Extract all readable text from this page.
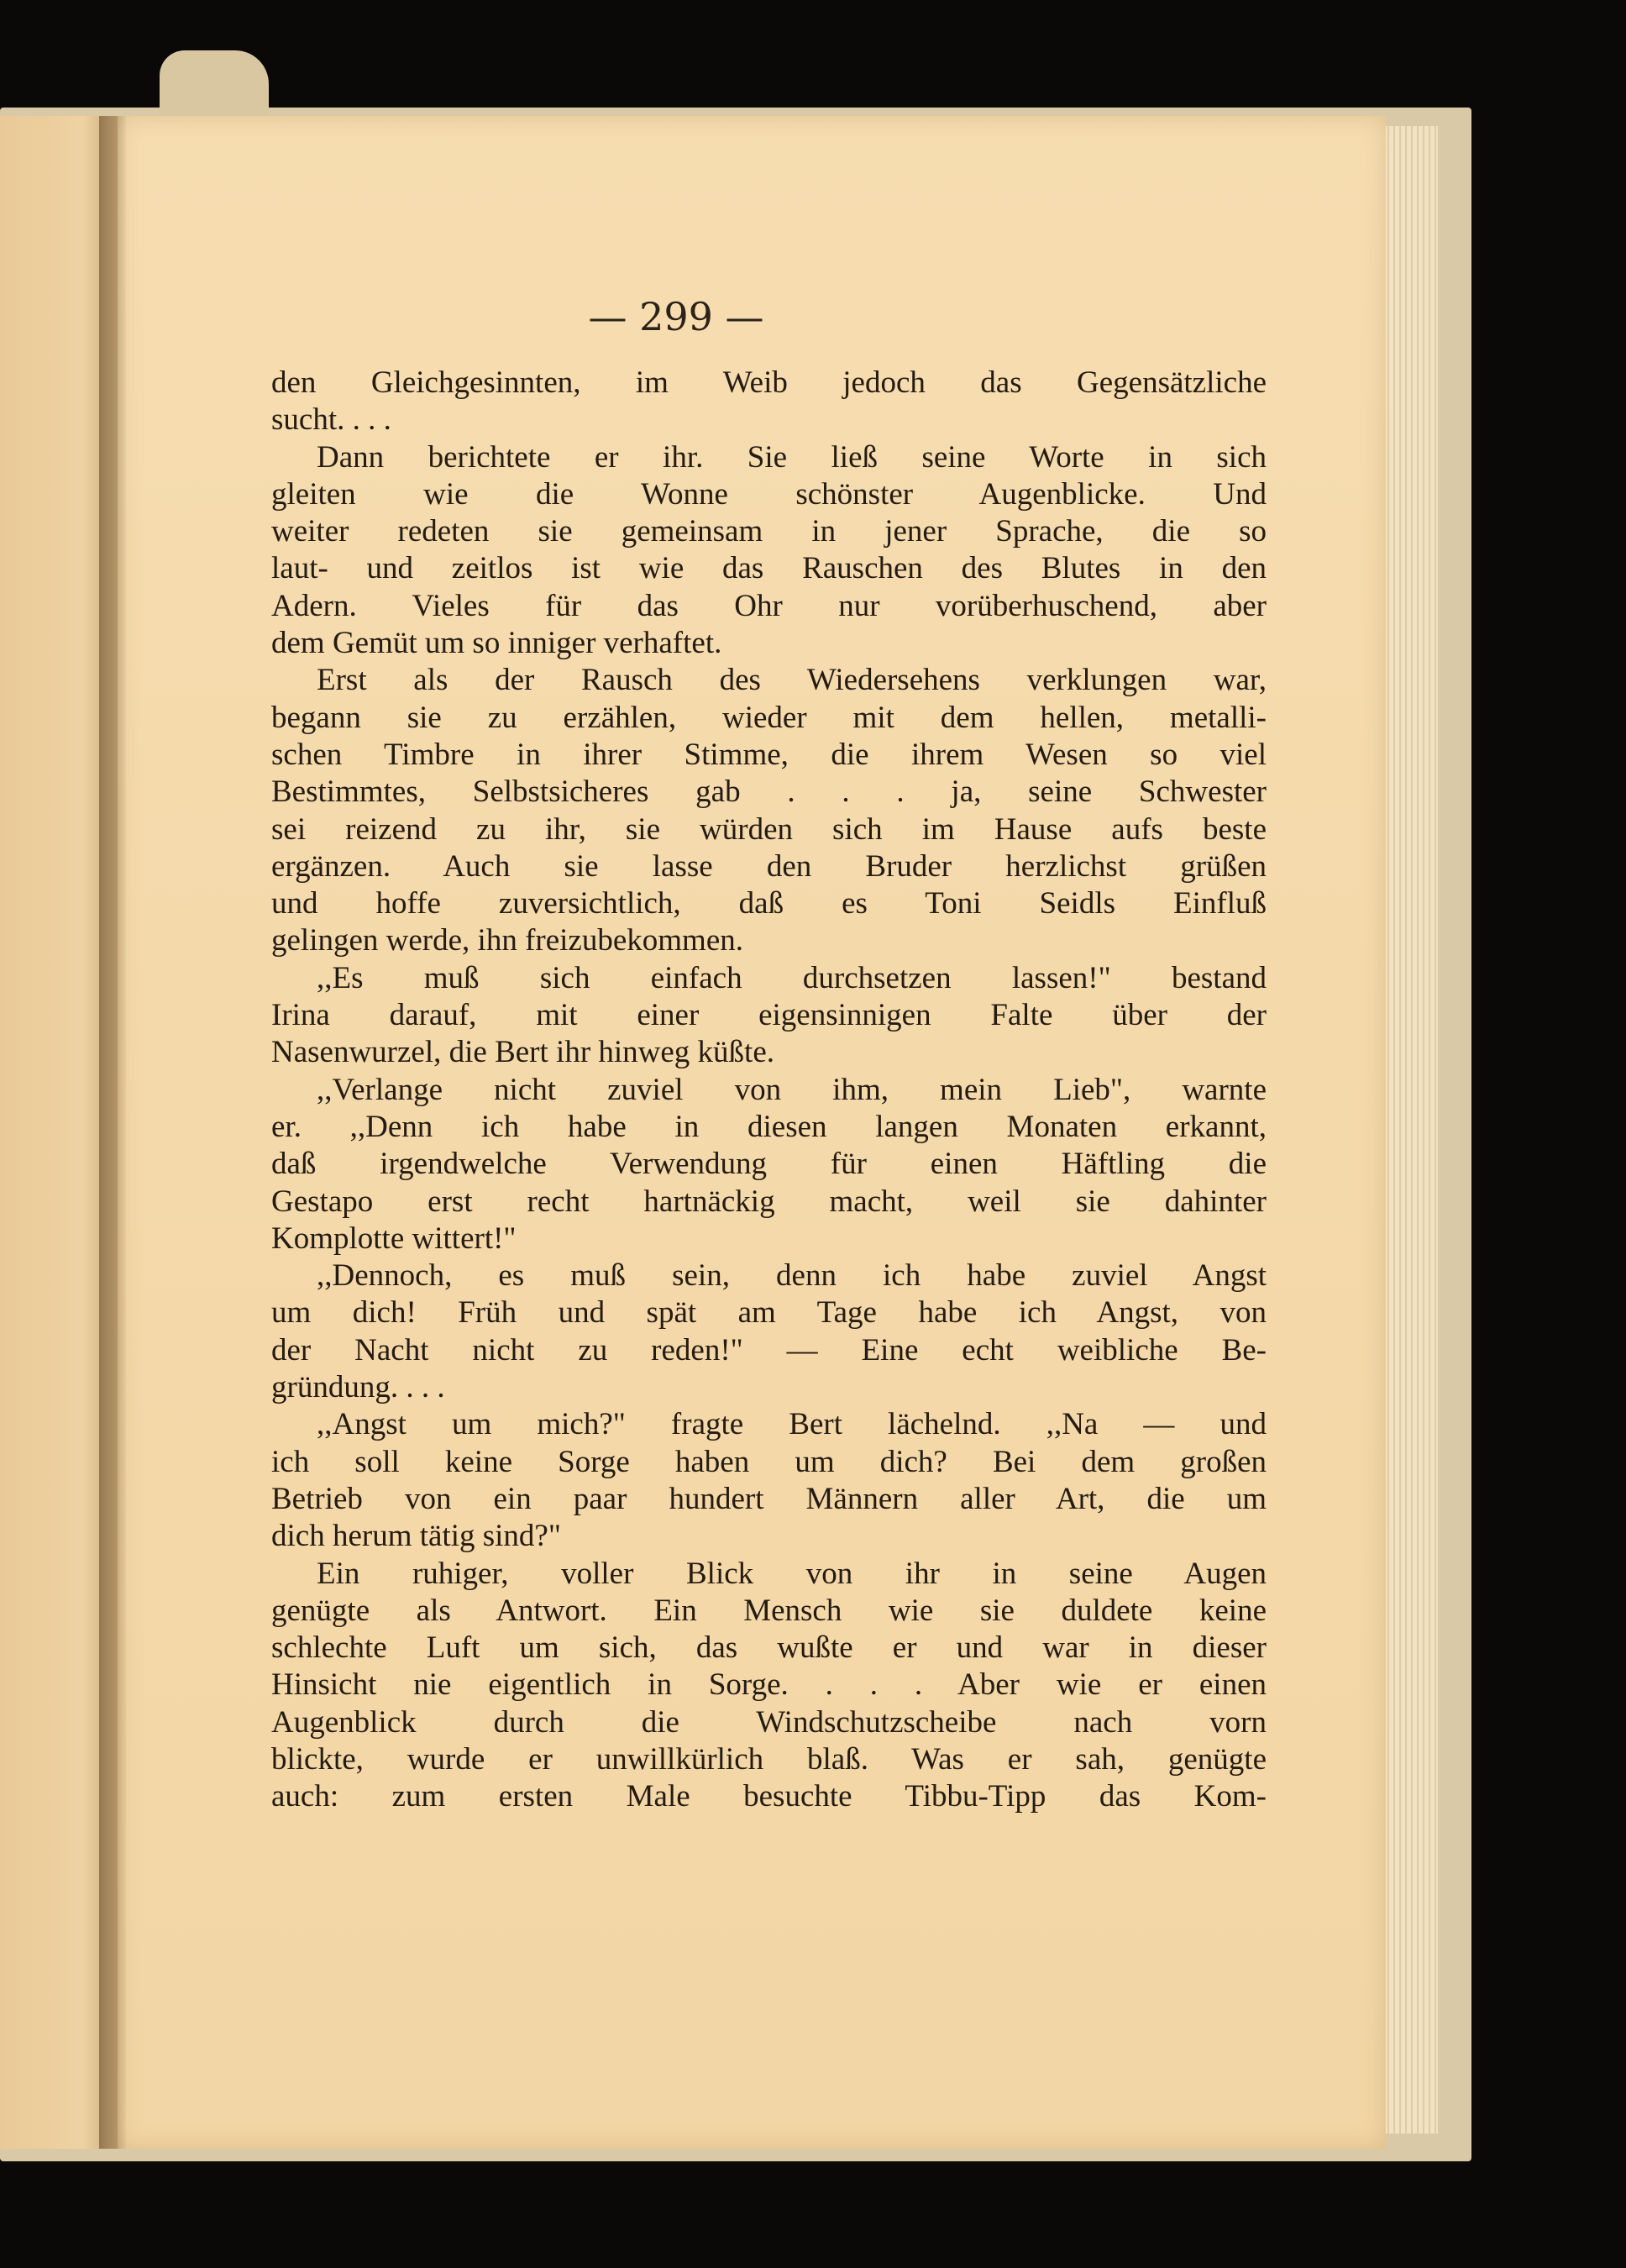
— 299 —
den Gleichgesinnten, im Weib jedoch das Gegensätzliche
sucht. . . .
Dann berichtete er ihr. Sie ließ seine Worte in sich
gleiten wie die Wonne schönster Augenblicke. Und
weiter redeten sie gemeinsam in jener Sprache, die so
laut- und zeitlos ist wie das Rauschen des Blutes in den
Adern. Vieles für das Ohr nur vorüberhuschend, aber
dem Gemüt um so inniger verhaftet.
Erst als der Rausch des Wiedersehens verklungen war,
begann sie zu erzählen, wieder mit dem hellen, metalli-
schen Timbre in ihrer Stimme, die ihrem Wesen so viel
Bestimmtes, Selbstsicheres gab . . . ja, seine Schwester
sei reizend zu ihr, sie würden sich im Hause aufs beste
ergänzen. Auch sie lasse den Bruder herzlichst grüßen
und hoffe zuversichtlich, daß es Toni Seidls Einfluß
gelingen werde, ihn freizubekommen.
,,Es muß sich einfach durchsetzen lassen!" bestand
Irina darauf, mit einer eigensinnigen Falte über der
Nasenwurzel, die Bert ihr hinweg küßte.
,,Verlange nicht zuviel von ihm, mein Lieb", warnte
er. ,,Denn ich habe in diesen langen Monaten erkannt,
daß irgendwelche Verwendung für einen Häftling die
Gestapo erst recht hartnäckig macht, weil sie dahinter
Komplotte wittert!"
,,Dennoch, es muß sein, denn ich habe zuviel Angst
um dich! Früh und spät am Tage habe ich Angst, von
der Nacht nicht zu reden!" — Eine echt weibliche Be-
gründung. . . .
,,Angst um mich?" fragte Bert lächelnd. ,,Na — und
ich soll keine Sorge haben um dich? Bei dem großen
Betrieb von ein paar hundert Männern aller Art, die um
dich herum tätig sind?"
Ein ruhiger, voller Blick von ihr in seine Augen
genügte als Antwort. Ein Mensch wie sie duldete keine
schlechte Luft um sich, das wußte er und war in dieser
Hinsicht nie eigentlich in Sorge. . . . Aber wie er einen
Augenblick durch die Windschutzscheibe nach vorn
blickte, wurde er unwillkürlich blaß. Was er sah, genügte
auch: zum ersten Male besuchte Tibbu-Tipp das Kom-
